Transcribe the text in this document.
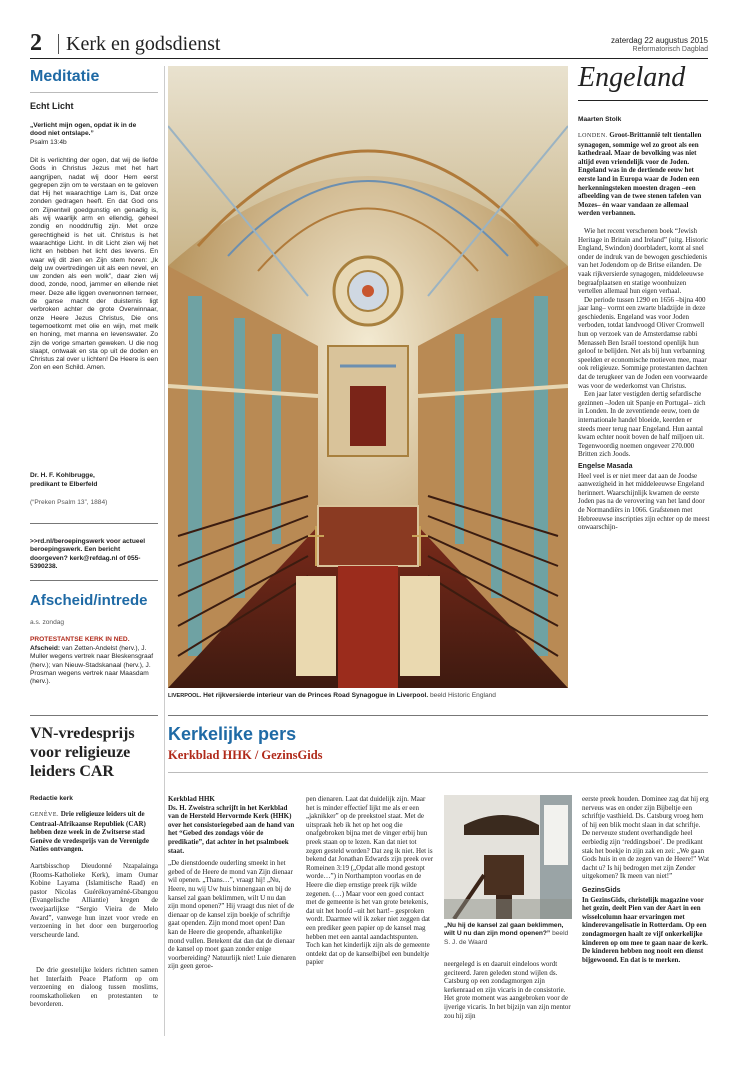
2 Kerk en godsdienst	zaterdag 22 augustus 2015
Reformatorisch Dagblad
Meditatie
Echt Licht
„Verlicht mijn ogen, opdat ik in de dood niet ontslape.”
Psalm 13:4b
Dit is verlichting der ogen, dat wij de liefde Gods in Christus Jezus met het hart aangrijpen, nadat wij door Hem eerst gegrepen zijn om te verstaan en te geloven dat Hij het waarachtige Lam is, Dat onze zonden gedragen heeft. En dat God ons om Zijnentwil goedgunstig en genadig is, als wij waarlijk arm en ellendig, geheel zondig en nooddruftig zijn. Met onze gerechtigheid is het uit. Christus is het waarachtige Licht. In dit Licht zien wij het licht en hebben het licht des levens. En waar wij dit zien en Zijn stem horen: „Ik delg uw overtredingen uit als een nevel, en uw zonden als een wolk”, daar zien wij dood, zonde, nood, jammer en ellende niet meer. Deze alle liggen overwonnen terneer, de ganse macht der duisternis ligt verbroken achter de grote Overwinnaar, onze Heere Jezus Christus, Die ons tegemoetkomt met olie en wijn, met melk en honing, met manna en levenswater. Zo zijn de vorige smarten geweken. U die nog slaapt, ontwaak en sta op uit de doden en Christus zal over u lichten! De Heere is een Zon en een Schild. Amen.
Dr. H. F. Kohlbrugge,
predikant te Elberfeld
(“Preken Psalm 13”, 1884)
>>rd.nl/beroepingswerk voor actueel beroepingswerk. Een bericht doorgeven? kerk@refdag.nl of 055-5390238.
Afscheid/intrede
a.s. zondag
PROTESTANTSE KERK IN NED.
Afscheid: van Zetten-Andelst (herv.), J. Muller wegens vertrek naar Bleskensgraaf (herv.); van Nieuw-Stadskanaal (herv.), J. Prosman wegens vertrek naar Maasdam (herv.).
VN-vredesprijs voor religieuze leiders CAR
Redactie kerk
GENÈVE. Drie religieuze leiders uit de Centraal-Afrikaanse Republiek (CAR) hebben deze week in de Zwitserse stad Genève de vredesprijs van de Verenigde Naties ontvangen.
Aartsbisschop Dieudonné Nzapalainga (Rooms-Katholieke Kerk), imam Oumar Kobine Layama (Islamitische Raad) en pastor Nicolas Guérékoyaméné-Gbangou (Evangelische Alliantie) kregen de tweejaarlijkse “Sergio Vieira de Melo Award”, vanwege hun inzet voor vrede en verzoening in het door een burgeroorlog verscheurde land.
De drie geestelijke leiders richtten samen het Interfaith Peace Platform op om verzoening en dialoog tussen moslims, roomskatholieken en protestanten te bevorderen.
LIVERPOOL. Het rijkversierde interieur van de Princes Road Synagogue in Liverpool. beeld Historic England
Engeland
Maarten Stolk

LONDEN. Groot-Brittannië telt tientallen synagogen, sommige wel zo groot als een kathedraal. Maar de bevolking was niet altijd even vriendelijk voor de Joden. Engeland was in de dertiende eeuw het eerste land in Europa waar de Joden een herkenningsteken moesten dragen –een afbeelding van de twee stenen tafelen van Mozes– én waar vandaan ze allemaal werden verbannen.

Wie het recent verschenen boek “Jewish Heritage in Britain and Ireland” (uitg. Historic England, Swindon) doorbladert, komt al snel onder de indruk van de bewogen geschiedenis van het Jodendom op de Britse eilanden. De vaak rijkversierde synagogen, middeleeuwse begraafplaatsen en statige woonhuizen vertellen allemaal hun eigen verhaal.

De periode tussen 1290 en 1656 –bijna 400 jaar lang– vormt een zwarte bladzijde in deze geschiedenis. Engeland was voor Joden verboden, totdat landvoogd Oliver Cromwell hun op verzoek van de Amsterdamse rabbi Menasseh Ben Israël toestond openlijk hun geloof te belijden. Net als bij hun verbanning speelden er economische motieven mee, maar ook religieuze. Sommige protestanten dachten dat de terugkeer van de Joden een voorwaarde was voor de wederkomst van Christus.

Een jaar later vestigden dertig sefardische gezinnen –Joden uit Spanje en Portugal– zich in Londen. In de zeventiende eeuw, toen de internationale handel bloeide, keerden er steeds meer terug naar Engeland. Hun aantal kwam echter nooit boven de half miljoen uit. Tegenwoordig noemen ongeveer 270.000 Britten zich Joods.

Engelse Masada

Heel veel is er niet meer dat aan de Joodse aanwezigheid in het middeleeuwse Engeland herinnert. Waarschijnlijk kwamen de eerste Joden pas na de verovering van het land door de Normandiërs in 1066. Grafstenen met Hebreeuwse inscripties zijn echter op de meest onwaarschijn-

Kerkelijke pers
Kerkblad HHK / GezinsGids

Kerkblad HHK

Ds. H. Zweistra schrijft in het Kerkblad van de Hersteld Hervormde Kerk (HHK) over het consistoriegebed aan de hand van het “Gebed des zondags vóór de predikatie”, dat achter in het psalmboek staat.

„De dienstdoende ouderling smeekt in het gebed of de Heere de mond van Zijn dienaar wil openen. „Thans…”, vraagt hij! „Nu, Heere, nu wij Uw huis binnengaan en bij de kansel zal gaan beklimmen, wilt U nu dan zijn mond openen?” Hij vraagt dus niet of de dienaar op de kansel zijn boekje of schriftje gaat openden. Zijn mond moet open! Dan kan de Heere die geopende, afhankelijke mond vullen. Betekent dat dan dat de dienaar de kansel op moet gaan zonder enige voorbereiding? Natuurlijk niet! Luie dienaren zijn geen geroe-

pen dienaren. Laat dat duidelijk zijn. Maar het is minder effectief lijkt me als er een „jaknikker” op de preekstoel staat. Met de uitspraak heb ik het op het oog die onafgebroken bijna met de vinger erbij hun preek staan op te lezen. Kan dat niet tot zegen gesteld worden? Dat zeg ik niet. Het is bekend dat Jonathan Edwards zijn preek over Romeinen 3:19 („Opdat alle mond gestopt worde…”) in Northampton voorlas en de Heere die diep ernstige preek rijk wilde zegenen. (…) Maar voor een goed contact met de gemeente is het van grote betekenis, dat uit het hoofd –uit het hart!– gesproken wordt. Daarmee wil ik zeker niet zeggen dat een prediker geen papier op de kansel mag hebben met een aantal aandachtspunten. Toch kan het kinderlijk zijn als de gemeente ontdekt dat op de kanselbijbel een bundeltje papier
„Nu hij de kansel zal gaan beklimmen, wilt U nu dan zijn mond openen?” beeld S. J. de Waard
neergelegd is en daaruit eindeloos wordt geciteerd. Jaren geleden stond wijlen ds. Catsburg op een zondagmorgen zijn kerkenraad en zijn vicaris in de consistorie. Het grote moment was aangebroken voor de ijverige vicaris. In het bijzijn van zijn mentor zou hij zijn

eerste preek houden. Dominee zag dat hij erg nerveus was en onder zijn Bijbeltje een schriftje vasthield. Ds. Catsburg vroeg hem of hij een blik mocht slaan in dat schriftje. De nerveuze student overhandigde heel eerbiedig zijn ‘reddingsboei’. De predikant stak het boekje in zijn zak en zei: „We gaan Gods huis in en de zegen van de Heere!” Wat dacht u? Is hij bedrogen met zijn Zender uitgekomen? Ik meen van niet!”

GezinsGids

In GezinsGids, christelijk magazine voor het gezin, deelt Pien van der Aart in een wisselcolumn haar ervaringen met kinderevangelisatie in Rotterdam. Op een zondagmorgen haalt ze vijf onkerkelijke kinderen op om mee te gaan naar de kerk. De kinderen hebben nog nooit een dienst bijgewoond. En dat is te merken.
